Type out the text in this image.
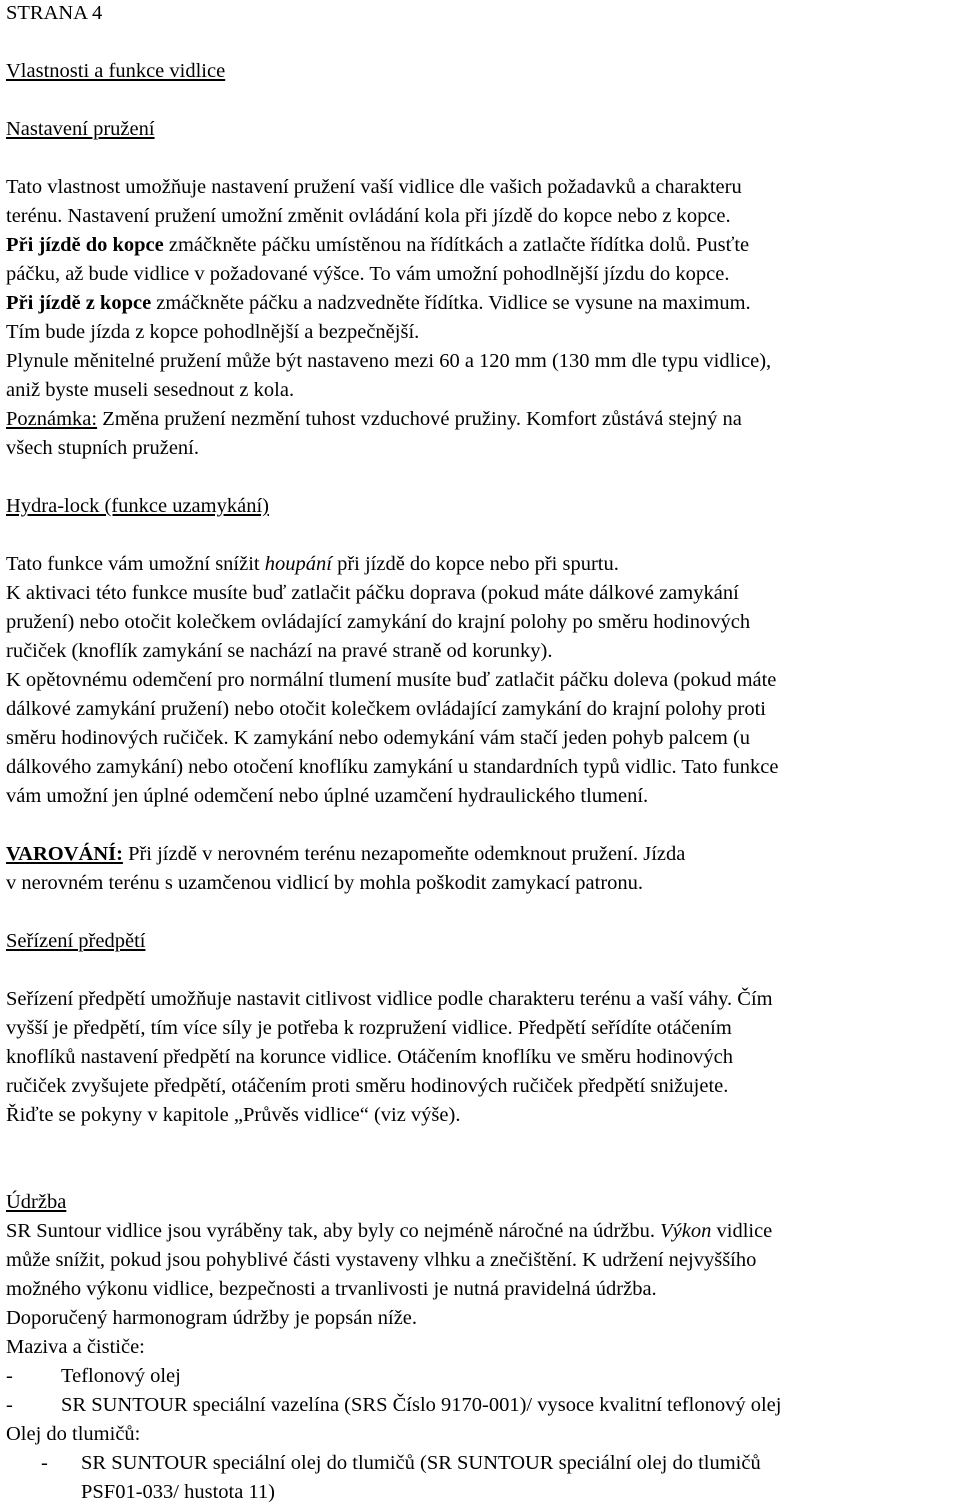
STRANA 4
Vlastnosti a funkce vidlice
Nastavení pružení
Tato vlastnost umožňuje nastavení pružení vaší vidlice dle vašich požadavků a charakteru
terénu. Nastavení pružení umožní změnit ovládání kola při jízdě do kopce nebo z kopce.
Při jízdě do kopce zmáčkněte páčku umístěnou na řídítkách a zatlačte řídítka dolů. Pusťte
páčku, až bude vidlice v požadované výšce. To vám umožní pohodlnější jízdu do kopce.
Při jízdě z kopce zmáčkněte páčku a nadzvedněte řídítka. Vidlice se vysune na maximum.
Tím bude jízda z kopce pohodlnější a bezpečnější.
Plynule měnitelné pružení může být nastaveno mezi 60 a 120 mm (130 mm dle typu vidlice),
aniž byste museli sesednout z kola.
Poznámka: Změna pružení nezmění tuhost vzduchové pružiny. Komfort zůstává stejný na
všech stupních pružení.
Hydra-lock (funkce uzamykání)
Tato funkce vám umožní snížit houpání při jízdě do kopce nebo při spurtu.
K aktivaci této funkce musíte buď zatlačit páčku doprava (pokud máte dálkové zamykání
pružení) nebo otočit kolečkem ovládající zamykání do krajní polohy po směru hodinových
ručiček (knoflík zamykání se nachází na pravé straně od korunky).
K opětovnému odemčení pro normální tlumení musíte buď zatlačit páčku doleva (pokud máte
dálkové zamykání pružení) nebo otočit kolečkem ovládající zamykání do krajní polohy proti
směru hodinových ručiček. K zamykání nebo odemykání vám stačí jeden pohyb palcem (u
dálkového zamykání) nebo otočení knoflíku zamykání u standardních typů vidlic. Tato funkce
vám umožní jen úplné odemčení nebo úplné uzamčení hydraulického tlumení.
VAROVÁNÍ: Při jízdě v nerovném terénu nezapomeňte odemknout pružení. Jízda
v nerovném terénu s uzamčenou vidlicí by mohla poškodit zamykací patronu.
Seřízení předpětí
Seřízení předpětí umožňuje nastavit citlivost vidlice podle charakteru terénu a vaší váhy. Čím
vyšší je předpětí, tím více síly je potřeba k rozpružení vidlice. Předpětí seřídíte otáčením
knoflíků nastavení předpětí na korunce vidlice. Otáčením knoflíku ve směru hodinových
ručiček zvyšujete předpětí, otáčením proti směru hodinových ručiček předpětí snižujete.
Řiďte se pokyny v kapitole „Průvěs vidlice“ (viz výše).
Údržba
SR Suntour vidlice jsou vyráběny tak, aby byly co nejméně náročné na údržbu. Výkon vidlice
může snížit, pokud jsou pohyblivé části vystaveny vlhku a znečištění. K udržení nejvyššího
možného výkonu vidlice, bezpečnosti a trvanlivosti je nutná pravidelná údržba.
Doporučený harmonogram údržby je popsán níže.
Maziva a čističe:
- Teflonový olej
- SR SUNTOUR speciální vazelína (SRS Číslo 9170-001)/ vysoce kvalitní teflonový olej
Olej do tlumičů:
- SR SUNTOUR speciální olej do tlumičů (SR SUNTOUR speciální olej do tlumičů
PSF01-033/ hustota 11)
